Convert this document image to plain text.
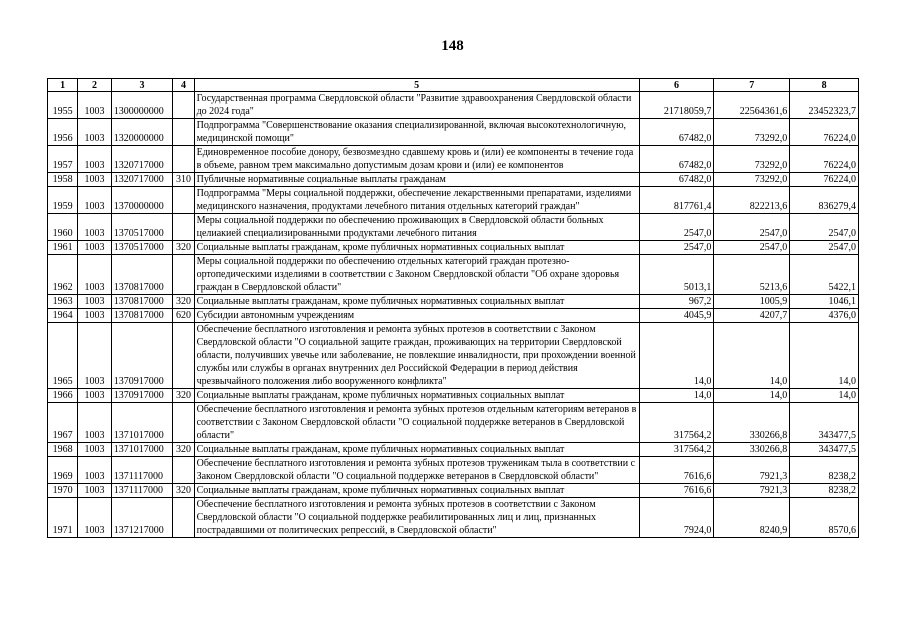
148
1	2	3	4	5	6	7	8
1955	1003	1300000000		Государственная программа Свердловской области "Развитие здравоохранения Свердловской области до 2024 года"	21718059,7	22564361,6	23452323,7
1956	1003	1320000000		Подпрограмма "Совершенствование оказания специализированной, включая высокотехнологичную, медицинской помощи"	67482,0	73292,0	76224,0
1957	1003	1320717000		Единовременное пособие донору, безвозмездно сдавшему кровь и (или) ее компоненты в течение года в объеме, равном трем максимально допустимым дозам крови и (или) ее компонентов	67482,0	73292,0	76224,0
1958	1003	1320717000	310	Публичные нормативные социальные выплаты гражданам	67482,0	73292,0	76224,0
1959	1003	1370000000		Подпрограмма "Меры социальной поддержки, обеспечение лекарственными препаратами, изделиями медицинского назначения, продуктами лечебного питания отдельных категорий граждан"	817761,4	822213,6	836279,4
1960	1003	1370517000		Меры социальной поддержки по обеспечению проживающих в Свердловской области больных целиакией специализированными продуктами лечебного питания	2547,0	2547,0	2547,0
1961	1003	1370517000	320	Социальные выплаты гражданам, кроме публичных нормативных социальных выплат	2547,0	2547,0	2547,0
1962	1003	1370817000		Меры социальной поддержки по обеспечению отдельных категорий граждан протезно-ортопедическими изделиями в соответствии с Законом Свердловской области "Об охране здоровья граждан в Свердловской области"	5013,1	5213,6	5422,1
1963	1003	1370817000	320	Социальные выплаты гражданам, кроме публичных нормативных социальных выплат	967,2	1005,9	1046,1
1964	1003	1370817000	620	Субсидии автономным учреждениям	4045,9	4207,7	4376,0
1965	1003	1370917000		Обеспечение бесплатного изготовления и ремонта зубных протезов в соответствии с Законом Свердловской области "О социальной защите граждан, проживающих на территории Свердловской области, получивших увечье или заболевание, не повлекшие инвалидности, при прохождении военной службы или службы в органах внутренних дел Российской Федерации в период действия чрезвычайного положения либо вооруженного конфликта"	14,0	14,0	14,0
1966	1003	1370917000	320	Социальные выплаты гражданам, кроме публичных нормативных социальных выплат	14,0	14,0	14,0
1967	1003	1371017000		Обеспечение бесплатного изготовления и ремонта зубных протезов отдельным категориям ветеранов в соответствии с Законом Свердловской области "О социальной поддержке ветеранов в Свердловской области"	317564,2	330266,8	343477,5
1968	1003	1371017000	320	Социальные выплаты гражданам, кроме публичных нормативных социальных выплат	317564,2	330266,8	343477,5
1969	1003	1371117000		Обеспечение бесплатного изготовления и ремонта зубных протезов труженикам тыла в соответствии с Законом Свердловской области "О социальной поддержке ветеранов в Свердловской области"	7616,6	7921,3	8238,2
1970	1003	1371117000	320	Социальные выплаты гражданам, кроме публичных нормативных социальных выплат	7616,6	7921,3	8238,2
1971	1003	1371217000		Обеспечение бесплатного изготовления и ремонта зубных протезов в соответствии с Законом Свердловской области "О социальной поддержке реабилитированных лиц и лиц, признанных пострадавшими от политических репрессий, в Свердловской области"	7924,0	8240,9	8570,6
